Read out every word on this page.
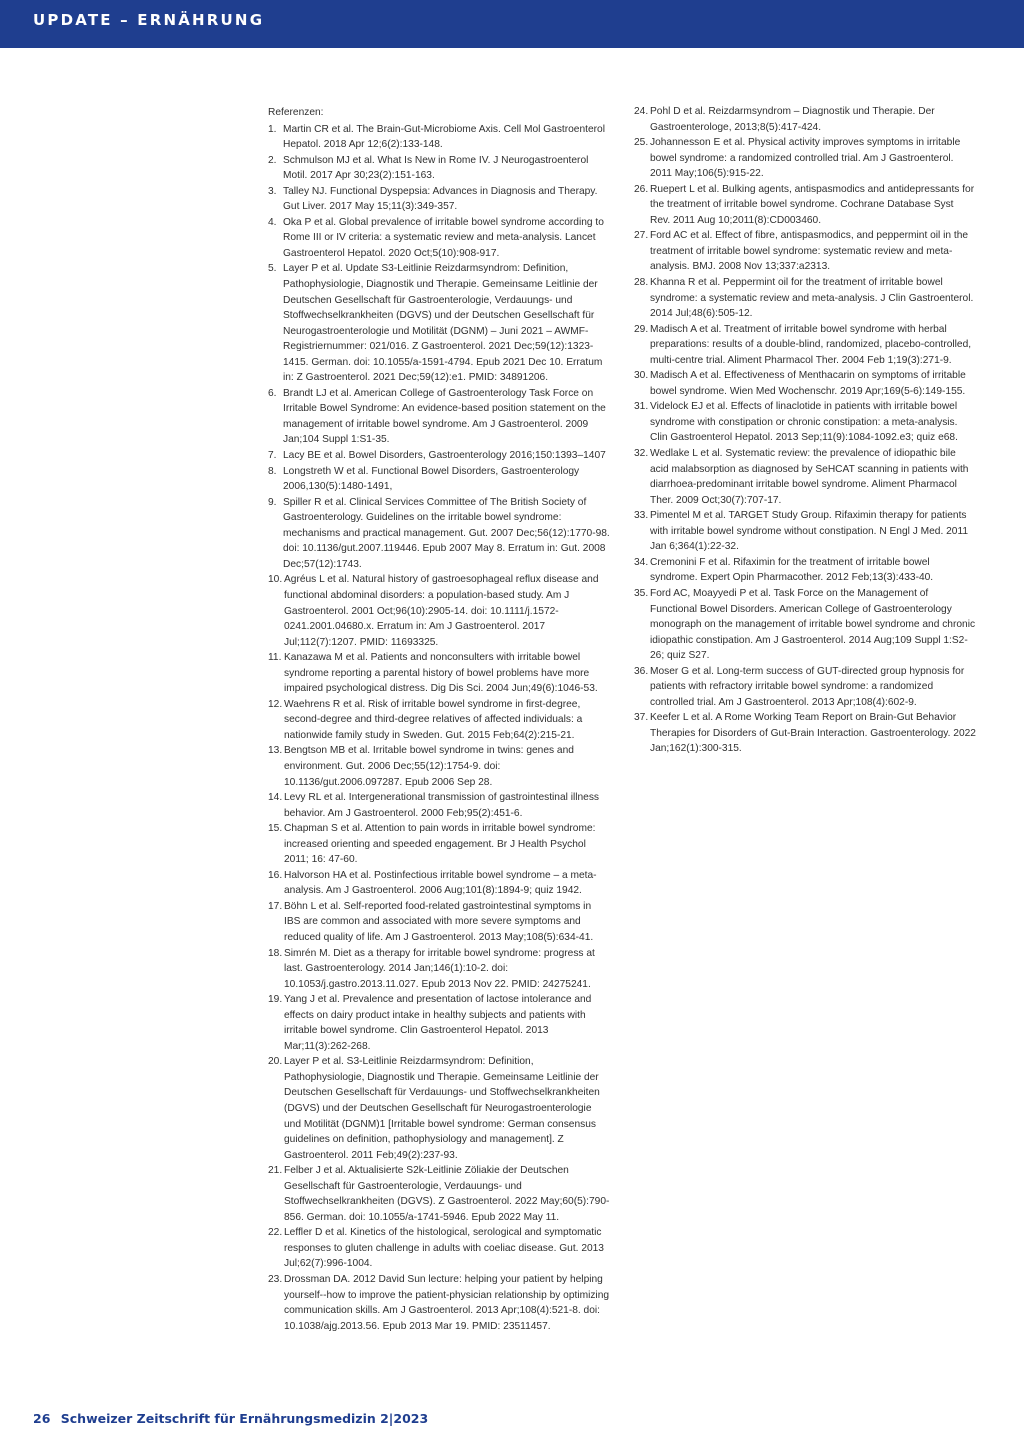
UPDATE – ERNÄHRUNG
Referenzen:
1. Martin CR et al. The Brain-Gut-Microbiome Axis. Cell Mol Gastroenterol Hepatol. 2018 Apr 12;6(2):133-148.
2. Schmulson MJ et al. What Is New in Rome IV. J Neurogastroenterol Motil. 2017 Apr 30;23(2):151-163.
3. Talley NJ. Functional Dyspepsia: Advances in Diagnosis and Therapy. Gut Liver. 2017 May 15;11(3):349-357.
4. Oka P et al. Global prevalence of irritable bowel syndrome according to Rome III or IV criteria: a systematic review and meta-analysis. Lancet Gastroenterol Hepatol. 2020 Oct;5(10):908-917.
5. Layer P et al. Update S3-Leitlinie Reizdarmsyndrom: Definition, Pathophysiologie, Diagnostik und Therapie. Gemeinsame Leitlinie der Deutschen Gesellschaft für Gastroenterologie, Verdauungs- und Stoffwechselkrankheiten (DGVS) und der Deutschen Gesellschaft für Neurogastroenterologie und Motilität (DGNM) – Juni 2021 – AWMF-Registriernummer: 021/016. Z Gastroenterol. 2021 Dec;59(12):1323-1415. German. doi: 10.1055/a-1591-4794. Epub 2021 Dec 10. Erratum in: Z Gastroenterol. 2021 Dec;59(12):e1. PMID: 34891206.
6. Brandt LJ et al. American College of Gastroenterology Task Force on Irritable Bowel Syndrome: An evidence-based position statement on the management of irritable bowel syndrome. Am J Gastroenterol. 2009 Jan;104 Suppl 1:S1-35.
7. Lacy BE et al. Bowel Disorders, Gastroenterology 2016;150:1393–1407
8. Longstreth W et al. Functional Bowel Disorders, Gastroenterology 2006,130(5):1480-1491,
9. Spiller R et al. Clinical Services Committee of The British Society of Gastroenterology. Guidelines on the irritable bowel syndrome: mechanisms and practical management. Gut. 2007 Dec;56(12):1770-98. doi: 10.1136/gut.2007.119446. Epub 2007 May 8. Erratum in: Gut. 2008 Dec;57(12):1743.
10. Agréus L et al. Natural history of gastroesophageal reflux disease and functional abdominal disorders: a population-based study. Am J Gastroenterol. 2001 Oct;96(10):2905-14. doi: 10.1111/j.1572-0241.2001.04680.x. Erratum in: Am J Gastroenterol. 2017 Jul;112(7):1207. PMID: 11693325.
11. Kanazawa M et al. Patients and nonconsulters with irritable bowel syndrome reporting a parental history of bowel problems have more impaired psychological distress. Dig Dis Sci. 2004 Jun;49(6):1046-53.
12. Waehrens R et al. Risk of irritable bowel syndrome in first-degree, second-degree and third-degree relatives of affected individuals: a nationwide family study in Sweden. Gut. 2015 Feb;64(2):215-21.
13. Bengtson MB et al. Irritable bowel syndrome in twins: genes and environment. Gut. 2006 Dec;55(12):1754-9. doi: 10.1136/gut.2006.097287. Epub 2006 Sep 28.
14. Levy RL et al. Intergenerational transmission of gastrointestinal illness behavior. Am J Gastroenterol. 2000 Feb;95(2):451-6.
15. Chapman S et al. Attention to pain words in irritable bowel syndrome: increased orienting and speeded engagement. Br J Health Psychol 2011; 16: 47-60.
16. Halvorson HA et al. Postinfectious irritable bowel syndrome – a meta-analysis. Am J Gastroenterol. 2006 Aug;101(8):1894-9; quiz 1942.
17. Böhn L et al. Self-reported food-related gastrointestinal symptoms in IBS are common and associated with more severe symptoms and reduced quality of life. Am J Gastroenterol. 2013 May;108(5):634-41.
18. Simrén M. Diet as a therapy for irritable bowel syndrome: progress at last. Gastroenterology. 2014 Jan;146(1):10-2. doi: 10.1053/j.gastro.2013.11.027. Epub 2013 Nov 22. PMID: 24275241.
19. Yang J et al. Prevalence and presentation of lactose intolerance and effects on dairy product intake in healthy subjects and patients with irritable bowel syndrome. Clin Gastroenterol Hepatol. 2013 Mar;11(3):262-268.
20. Layer P et al. S3-Leitlinie Reizdarmsyndrom: Definition, Pathophysiologie, Diagnostik und Therapie. Gemeinsame Leitlinie der Deutschen Gesellschaft für Verdauungs- und Stoffwechselkrankheiten (DGVS) und der Deutschen Gesellschaft für Neurogastroenterologie und Motilität (DGNM)1 [Irritable bowel syndrome: German consensus guidelines on definition, pathophysiology and management]. Z Gastroenterol. 2011 Feb;49(2):237-93.
21. Felber J et al. Aktualisierte S2k-Leitlinie Zöliakie der Deutschen Gesellschaft für Gastroenterologie, Verdauungs- und Stoffwechselkrankheiten (DGVS). Z Gastroenterol. 2022 May;60(5):790-856. German. doi: 10.1055/a-1741-5946. Epub 2022 May 11.
22. Leffler D et al. Kinetics of the histological, serological and symptomatic responses to gluten challenge in adults with coeliac disease. Gut. 2013 Jul;62(7):996-1004.
23. Drossman DA. 2012 David Sun lecture: helping your patient by helping yourself--how to improve the patient-physician relationship by optimizing communication skills. Am J Gastroenterol. 2013 Apr;108(4):521-8. doi: 10.1038/ajg.2013.56. Epub 2013 Mar 19. PMID: 23511457.
24. Pohl D et al. Reizdarmsyndrom – Diagnostik und Therapie. Der Gastroenterologe, 2013;8(5):417-424.
25. Johannesson E et al. Physical activity improves symptoms in irritable bowel syndrome: a randomized controlled trial. Am J Gastroenterol. 2011 May;106(5):915-22.
26. Ruepert L et al. Bulking agents, antispasmodics and antidepressants for the treatment of irritable bowel syndrome. Cochrane Database Syst Rev. 2011 Aug 10;2011(8):CD003460.
27. Ford AC et al. Effect of fibre, antispasmodics, and peppermint oil in the treatment of irritable bowel syndrome: systematic review and meta-analysis. BMJ. 2008 Nov 13;337:a2313.
28. Khanna R et al. Peppermint oil for the treatment of irritable bowel syndrome: a systematic review and meta-analysis. J Clin Gastroenterol. 2014 Jul;48(6):505-12.
29. Madisch A et al. Treatment of irritable bowel syndrome with herbal preparations: results of a double-blind, randomized, placebo-controlled, multi-centre trial. Aliment Pharmacol Ther. 2004 Feb 1;19(3):271-9.
30. Madisch A et al. Effectiveness of Menthacarin on symptoms of irritable bowel syndrome. Wien Med Wochenschr. 2019 Apr;169(5-6):149-155.
31. Videlock EJ et al. Effects of linaclotide in patients with irritable bowel syndrome with constipation or chronic constipation: a meta-analysis. Clin Gastroenterol Hepatol. 2013 Sep;11(9):1084-1092.e3; quiz e68.
32. Wedlake L et al. Systematic review: the prevalence of idiopathic bile acid malabsorption as diagnosed by SeHCAT scanning in patients with diarrhoea-predominant irritable bowel syndrome. Aliment Pharmacol Ther. 2009 Oct;30(7):707-17.
33. Pimentel M et al. TARGET Study Group. Rifaximin therapy for patients with irritable bowel syndrome without constipation. N Engl J Med. 2011 Jan 6;364(1):22-32.
34. Cremonini F et al. Rifaximin for the treatment of irritable bowel syndrome. Expert Opin Pharmacother. 2012 Feb;13(3):433-40.
35. Ford AC, Moayyedi P et al. Task Force on the Management of Functional Bowel Disorders. American College of Gastroenterology monograph on the management of irritable bowel syndrome and chronic idiopathic constipation. Am J Gastroenterol. 2014 Aug;109 Suppl 1:S2-26; quiz S27.
36. Moser G et al. Long-term success of GUT-directed group hypnosis for patients with refractory irritable bowel syndrome: a randomized controlled trial. Am J Gastroenterol. 2013 Apr;108(4):602-9.
37. Keefer L et al. A Rome Working Team Report on Brain-Gut Behavior Therapies for Disorders of Gut-Brain Interaction. Gastroenterology. 2022 Jan;162(1):300-315.
26 Schweizer Zeitschrift für Ernährungsmedizin 2|2023
